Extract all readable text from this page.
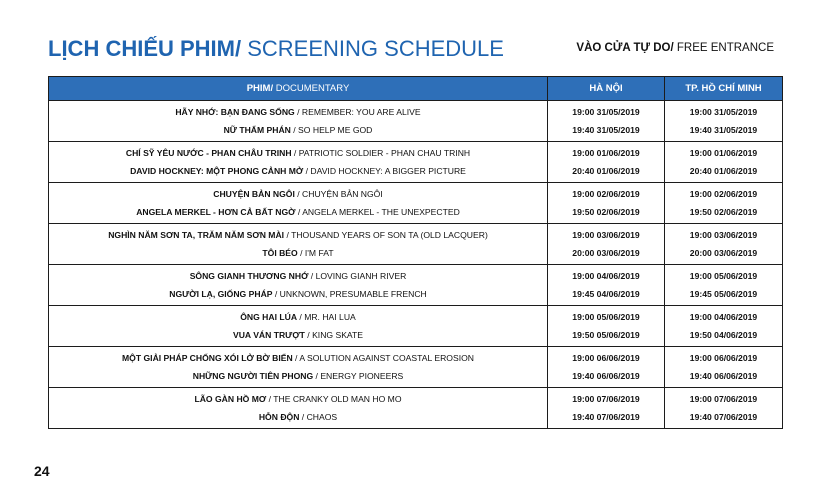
LỊCH CHIẾU PHIM/ SCREENING SCHEDULE	VÀO CỬA TỰ DO/ FREE ENTRANCE
PHIM/ DOCUMENTARY	HÀ NỘI	TP. HỒ CHÍ MINH
HÃY NHỚ: BẠN ĐANG SỐNG / REMEMBER: YOU ARE ALIVE	19:00 31/05/2019	19:00 31/05/2019
NỮ THẨM PHÁN / SO HELP ME GOD	19:40 31/05/2019	19:40 31/05/2019
CHÍ SỸ YÊU NƯỚC - PHAN CHÂU TRINH / PATRIOTIC SOLDIER - PHAN CHAU TRINH	19:00 01/06/2019	19:00 01/06/2019
DAVID HOCKNEY: MỘT PHONG CẢNH MỞ / DAVID HOCKNEY: A BIGGER PICTURE	20:40 01/06/2019	20:40 01/06/2019
CHUYỆN BẢN NGÔI / CHUYỆN BẢN NGÔI	19:00 02/06/2019	19:00 02/06/2019
ANGELA MERKEL - HƠN CẢ BẤT NGỜ / ANGELA MERKEL - THE UNEXPECTED	19:50 02/06/2019	19:50 02/06/2019
NGHÌN NĂM SƠN TA, TRĂM NĂM SƠN MÀI / THOUSAND YEARS OF SON TA (OLD LACQUER)	19:00 03/06/2019	19:00 03/06/2019
TÔI BÉO / I'M FAT	20:00 03/06/2019	20:00 03/06/2019
SÔNG GIANH THƯƠNG NHỚ / LOVING GIANH RIVER	19:00 04/06/2019	19:00 05/06/2019
NGƯỜI LẠ, GIỐNG PHÁP / UNKNOWN, PRESUMABLE FRENCH	19:45 04/06/2019	19:45 05/06/2019
ÔNG HAI LÚA / MR. HAI LUA	19:00 05/06/2019	19:00 04/06/2019
VUA VÁN TRƯỢT / KING SKATE	19:50 05/06/2019	19:50 04/06/2019
MỘT GIẢI PHÁP CHỐNG XÓI LỞ BỜ BIỂN / A SOLUTION AGAINST COASTAL EROSION	19:00 06/06/2019	19:00 06/06/2019
NHỮNG NGƯỜI TIÊN PHONG / ENERGY PIONEERS	19:40 06/06/2019	19:40 06/06/2019
LÃO GÀN HỒ MƠ / THE CRANKY OLD MAN HO MO	19:00 07/06/2019	19:00 07/06/2019
HỖN ĐỘN / CHAOS	19:40 07/06/2019	19:40 07/06/2019
24
